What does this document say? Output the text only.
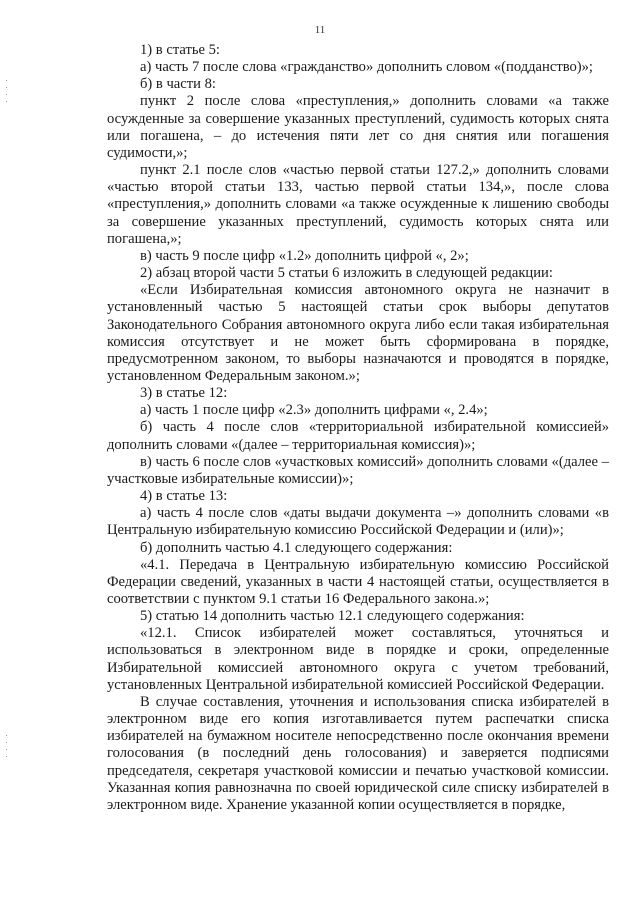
11

1) в статье 5:

а) часть 7 после слова «гражданство» дополнить словом «(подданство)»;

б) в части 8:

пункт 2 после слова «преступления,» дополнить словами «а также осужденные за совершение указанных преступлений, судимость которых снята или погашена, – до истечения пяти лет со дня снятия или погашения судимости,»;

пункт 2.1 после слов «частью первой статьи 127.2,» дополнить словами «частью второй статьи 133, частью первой статьи 134,», после слова «преступления,» дополнить словами «а также осужденные к лишению свободы за совершение указанных преступлений, судимость которых снята или погашена,»;

в) часть 9 после цифр «1.2» дополнить цифрой «, 2»;

2) абзац второй части 5 статьи 6 изложить в следующей редакции:

«Если Избирательная комиссия автономного округа не назначит в установленный частью 5 настоящей статьи срок выборы депутатов Законодательного Собрания автономного округа либо если такая избирательная комиссия отсутствует и не может быть сформирована в порядке, предусмотренном законом, то выборы назначаются и проводятся в порядке, установленном Федеральным законом.»;

3) в статье 12:

а) часть 1 после цифр «2.3» дополнить цифрами «, 2.4»;

б) часть 4 после слов «территориальной избирательной комиссией» дополнить словами «(далее – территориальная комиссия)»;

в) часть 6 после слов «участковых комиссий» дополнить словами «(далее – участковые избирательные комиссии)»;

4) в статье 13:

а) часть 4 после слов «даты выдачи документа –» дополнить словами «в Центральную избирательную комиссию Российской Федерации и (или)»;

б) дополнить частью 4.1 следующего содержания:

«4.1. Передача в Центральную избирательную комиссию Российской Федерации сведений, указанных в части 4 настоящей статьи, осуществляется в соответствии с пунктом 9.1 статьи 16 Федерального закона.»;

5) статью 14 дополнить частью 12.1 следующего содержания:

«12.1. Список избирателей может составляться, уточняться и использоваться в электронном виде в порядке и сроки, определенные Избирательной комиссией автономного округа с учетом требований, установленных Центральной избирательной комиссией Российской Федерации.

В случае составления, уточнения и использования списка избирателей в электронном виде его копия изготавливается путем распечатки списка избирателей на бумажном носителе непосредственно после окончания времени голосования (в последний день голосования) и заверяется подписями председателя, секретаря участковой комиссии и печатью участковой комиссии. Указанная копия равнозначна по своей юридической силе списку избирателей в электронном виде. Хранение указанной копии осуществляется в порядке,
